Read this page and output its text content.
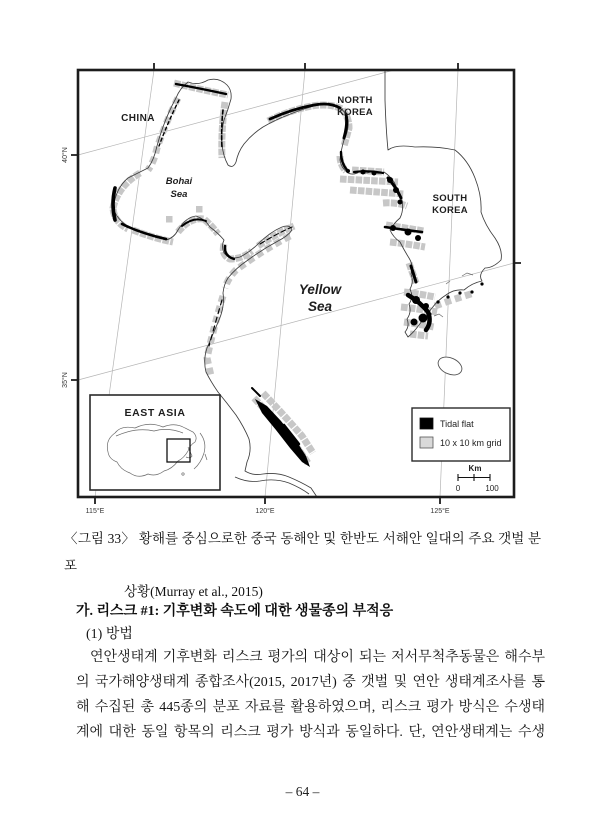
115°E	120°E	125°E
40°N
35°N
CHINA
NORTH
KOREA
SOUTH
KOREA
Bohai
Sea
Yellow
Sea
EAST ASIA
Tidal flat
10 x 10 km grid
Km
0	100
〈그림 33〉 황해를 중심으로한 중국 동해안 및 한반도 서해안 일대의 주요 갯벌 분포
상황(Murray et al., 2015)
가. 리스크 #1: 기후변화 속도에 대한 생물종의 부적응
(1) 방법
연안생태계 기후변화 리스크 평가의 대상이 되는 저서무척추동물은 해수부
의 국가해양생태계 종합조사(2015, 2017년) 중 갯벌 및 연안 생태계조사를 통
해 수집된 총 445종의 분포 자료를 활용하였으며, 리스크 평가 방식은 수생태
계에 대한 동일 항목의 리스크 평가 방식과 동일하다. 단, 연안생태계는 수생
– 64 –
